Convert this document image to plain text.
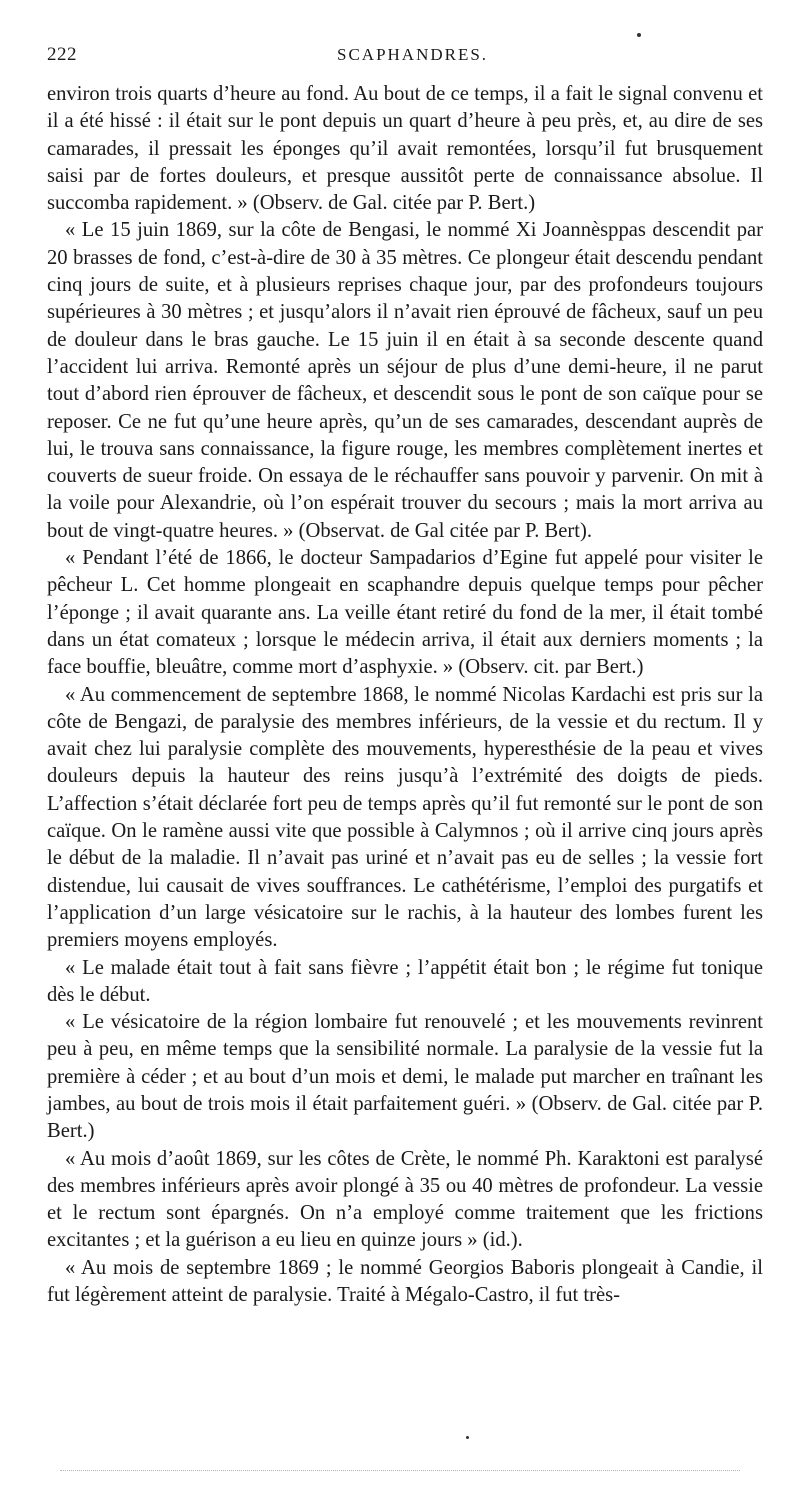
222	SCAPHANDRES.

environ trois quarts d’heure au fond. Au bout de ce temps, il a fait le signal convenu et il a été hissé : il était sur le pont depuis un quart d’heure à peu près, et, au dire de ses camarades, il pressait les éponges qu’il avait remontées, lorsqu’il fut brusquement saisi par de fortes douleurs, et presque aussitôt perte de connaissance absolue. Il succomba rapidement. » (Observ. de Gal. citée par P. Bert.)

« Le 15 juin 1869, sur la côte de Bengasi, le nommé Xi Joannèsppas descendit par 20 brasses de fond, c’est-à-dire de 30 à 35 mètres. Ce plongeur était descendu pendant cinq jours de suite, et à plusieurs reprises chaque jour, par des profondeurs toujours supérieures à 30 mètres ; et jusqu’alors il n’avait rien éprouvé de fâcheux, sauf un peu de douleur dans le bras gauche. Le 15 juin il en était à sa seconde descente quand l’accident lui arriva. Remonté après un séjour de plus d’une demi-heure, il ne parut tout d’abord rien éprouver de fâcheux, et descendit sous le pont de son caïque pour se reposer. Ce ne fut qu’une heure après, qu’un de ses camarades, descendant auprès de lui, le trouva sans connaissance, la figure rouge, les membres complètement inertes et couverts de sueur froide. On essaya de le réchauffer sans pouvoir y parvenir. On mit à la voile pour Alexandrie, où l’on espérait trouver du secours ; mais la mort arriva au bout de vingt-quatre heures. » (Observat. de Gal citée par P. Bert).

« Pendant l’été de 1866, le docteur Sampadarios d’Egine fut appelé pour visiter le pêcheur L. Cet homme plongeait en scaphandre depuis quelque temps pour pêcher l’éponge ; il avait quarante ans. La veille étant retiré du fond de la mer, il était tombé dans un état comateux ; lorsque le médecin arriva, il était aux derniers moments ; la face bouffie, bleuâtre, comme mort d’asphyxie. » (Observ. cit. par Bert.)

« Au commencement de septembre 1868, le nommé Nicolas Kardachi est pris sur la côte de Bengazi, de paralysie des membres inférieurs, de la vessie et du rectum. Il y avait chez lui paralysie complète des mouvements, hyperesthésie de la peau et vives douleurs depuis la hauteur des reins jusqu’à l’extrémité des doigts de pieds. L’affection s’était déclarée fort peu de temps après qu’il fut remonté sur le pont de son caïque. On le ramène aussi vite que possible à Calymnos ; où il arrive cinq jours après le début de la maladie. Il n’avait pas uriné et n’avait pas eu de selles ; la vessie fort distendue, lui causait de vives souffrances. Le cathétérisme, l’emploi des purgatifs et l’application d’un large vésicatoire sur le rachis, à la hauteur des lombes furent les premiers moyens employés.

« Le malade était tout à fait sans fièvre ; l’appétit était bon ; le régime fut tonique dès le début.

« Le vésicatoire de la région lombaire fut renouvelé ; et les mouvements revinrent peu à peu, en même temps que la sensibilité normale. La paralysie de la vessie fut la première à céder ; et au bout d’un mois et demi, le malade put marcher en traînant les jambes, au bout de trois mois il était parfaitement guéri. » (Observ. de Gal. citée par P. Bert.)

« Au mois d’août 1869, sur les côtes de Crète, le nommé Ph. Karaktoni est paralysé des membres inférieurs après avoir plongé à 35 ou 40 mètres de profondeur. La vessie et le rectum sont épargnés. On n’a employé comme traitement que les frictions excitantes ; et la guérison a eu lieu en quinze jours » (id.).

« Au mois de septembre 1869 ; le nommé Georgios Baboris plongeait à Candie, il fut légèrement atteint de paralysie. Traité à Mégalo-Castro, il fut très-
